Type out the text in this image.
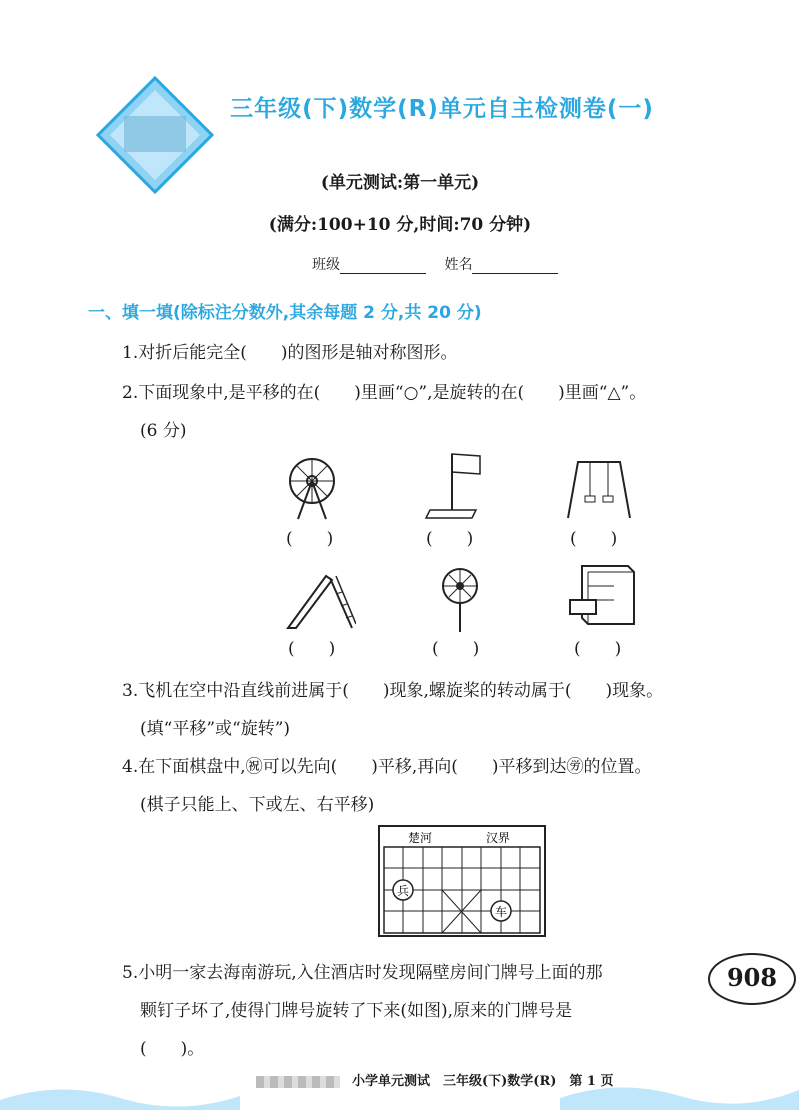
三年级(下)数学(R)单元自主检测卷(一)
(单元测试:第一单元)
(满分:100+10 分,时间:70 分钟)
班级	姓名
一、填一填(除标注分数外,其余每题 2 分,共 20 分)
1.对折后能完全(　　)的图形是轴对称图形。
2.下面现象中,是平移的在(　　)里画“○”,是旋转的在(　　)里画“△”。
(6 分)
(　　)	(　　)	(　　)
(　　)	(　　)	(　　)
3.飞机在空中沿直线前进属于(　　)现象,螺旋桨的转动属于(　　)现象。
(填“平移”或“旋转”)
4.在下面棋盘中,㊗可以先向(　　)平移,再向(　　)平移到达㊘的位置。
(棋子只能上、下或左、右平移)
楚河	汉界
兵
车
5.小明一家去海南游玩,入住酒店时发现隔壁房间门牌号上面的那
颗钉子坏了,使得门牌号旋转了下来(如图),原来的门牌号是
(　　)。
908
小学单元测试　三年级(下)数学(R)　第 1 页
